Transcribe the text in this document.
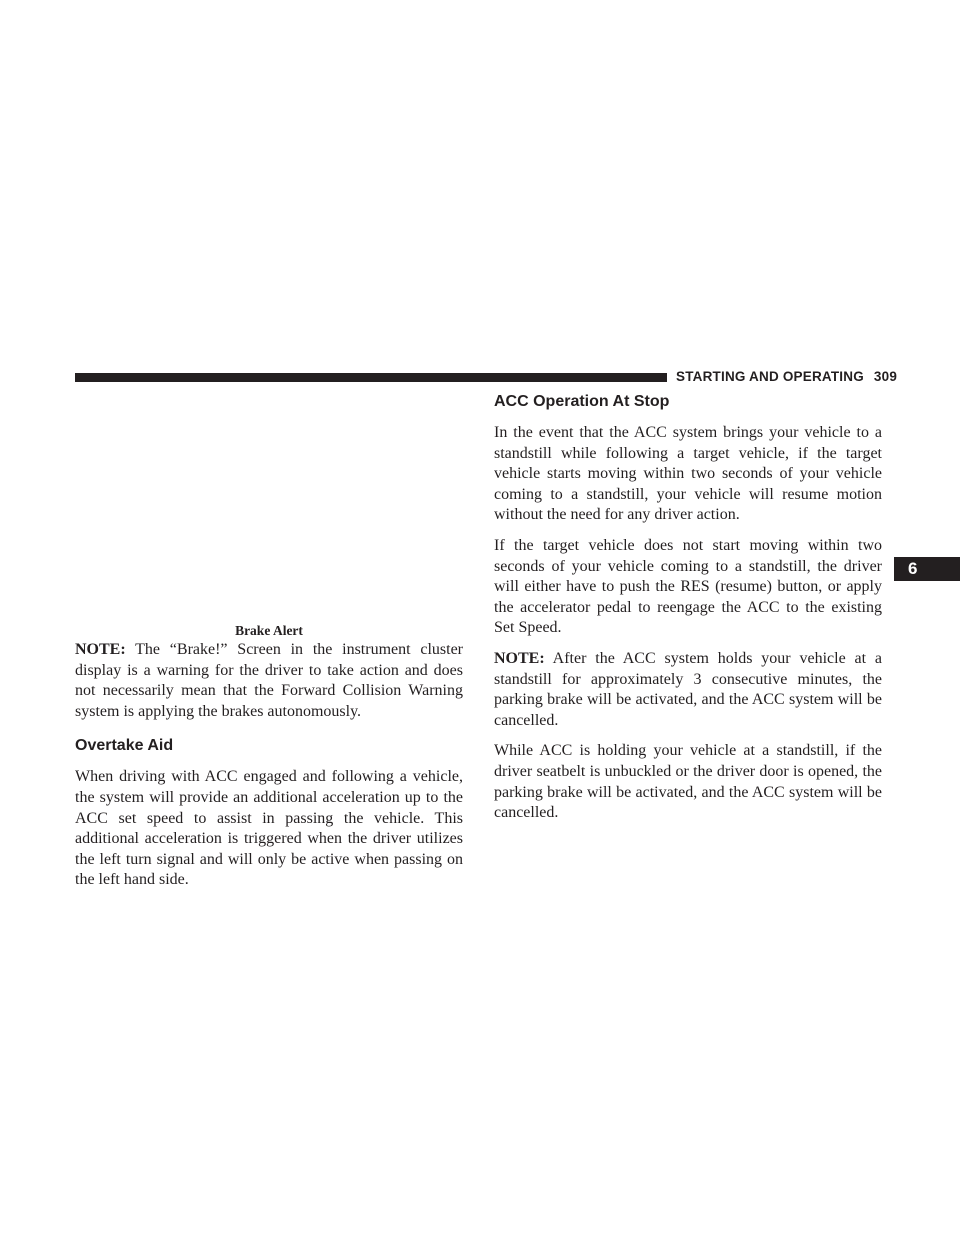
STARTING AND OPERATING 309
6
Brake Alert

NOTE: The “Brake!” Screen in the instrument cluster display is a warning for the driver to take action and does not necessarily mean that the Forward Collision Warning system is applying the brakes autonomously.

Overtake Aid

When driving with ACC engaged and following a vehicle, the system will provide an additional acceleration up to the ACC set speed to assist in passing the vehicle. This additional acceleration is triggered when the driver utilizes the left turn signal and will only be active when passing on the left hand side.

ACC Operation At Stop

In the event that the ACC system brings your vehicle to a standstill while following a target vehicle, if the target vehicle starts moving within two seconds of your vehicle coming to a standstill, your vehicle will resume motion without the need for any driver action.

If the target vehicle does not start moving within two seconds of your vehicle coming to a standstill, the driver will either have to push the RES (resume) button, or apply the accelerator pedal to reengage the ACC to the existing Set Speed.

NOTE: After the ACC system holds your vehicle at a standstill for approximately 3 consecutive minutes, the parking brake will be activated, and the ACC system will be cancelled.

While ACC is holding your vehicle at a standstill, if the driver seatbelt is unbuckled or the driver door is opened, the parking brake will be activated, and the ACC system will be cancelled.
